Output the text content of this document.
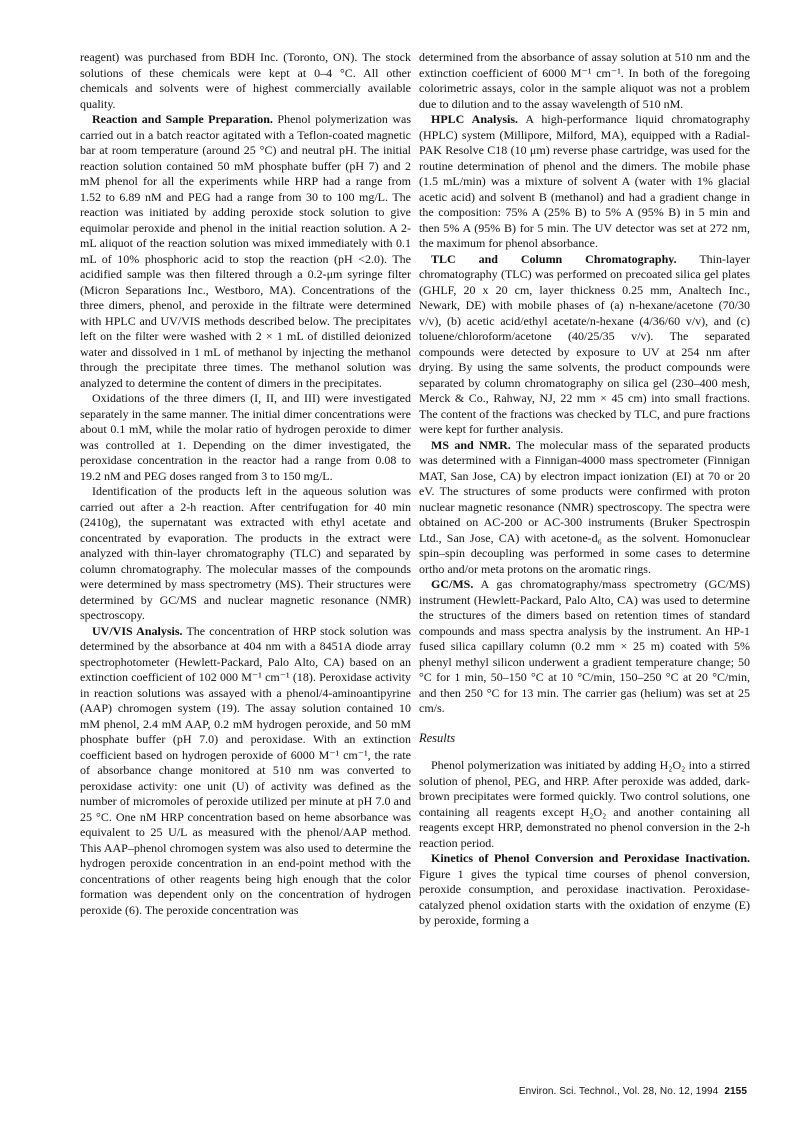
reagent) was purchased from BDH Inc. (Toronto, ON). The stock solutions of these chemicals were kept at 0–4 °C. All other chemicals and solvents were of highest commercially available quality.

Reaction and Sample Preparation. Phenol polymerization was carried out in a batch reactor agitated with a Teflon-coated magnetic bar at room temperature (around 25 °C) and neutral pH. The initial reaction solution contained 50 mM phosphate buffer (pH 7) and 2 mM phenol for all the experiments while HRP had a range from 1.52 to 6.89 nM and PEG had a range from 30 to 100 mg/L. The reaction was initiated by adding peroxide stock solution to give equimolar peroxide and phenol in the initial reaction solution. A 2-mL aliquot of the reaction solution was mixed immediately with 0.1 mL of 10% phosphoric acid to stop the reaction (pH <2.0). The acidified sample was then filtered through a 0.2-μm syringe filter (Micron Separations Inc., Westboro, MA). Concentrations of the three dimers, phenol, and peroxide in the filtrate were determined with HPLC and UV/VIS methods described below. The precipitates left on the filter were washed with 2 × 1 mL of distilled deionized water and dissolved in 1 mL of methanol by injecting the methanol through the precipitate three times. The methanol solution was analyzed to determine the content of dimers in the precipitates.

Oxidations of the three dimers (I, II, and III) were investigated separately in the same manner. The initial dimer concentrations were about 0.1 mM, while the molar ratio of hydrogen peroxide to dimer was controlled at 1. Depending on the dimer investigated, the peroxidase concentration in the reactor had a range from 0.08 to 19.2 nM and PEG doses ranged from 3 to 150 mg/L.

Identification of the products left in the aqueous solution was carried out after a 2-h reaction. After centrifugation for 40 min (2410g), the supernatant was extracted with ethyl acetate and concentrated by evaporation. The products in the extract were analyzed with thin-layer chromatography (TLC) and separated by column chromatography. The molecular masses of the compounds were determined by mass spectrometry (MS). Their structures were determined by GC/MS and nuclear magnetic resonance (NMR) spectroscopy.

UV/VIS Analysis. The concentration of HRP stock solution was determined by the absorbance at 404 nm with a 8451A diode array spectrophotometer (Hewlett-Packard, Palo Alto, CA) based on an extinction coefficient of 102 000 M⁻¹ cm⁻¹ (18). Peroxidase activity in reaction solutions was assayed with a phenol/4-aminoantipyrine (AAP) chromogen system (19). The assay solution contained 10 mM phenol, 2.4 mM AAP, 0.2 mM hydrogen peroxide, and 50 mM phosphate buffer (pH 7.0) and peroxidase. With an extinction coefficient based on hydrogen peroxide of 6000 M⁻¹ cm⁻¹, the rate of absorbance change monitored at 510 nm was converted to peroxidase activity: one unit (U) of activity was defined as the number of micromoles of peroxide utilized per minute at pH 7.0 and 25 °C. One nM HRP concentration based on heme absorbance was equivalent to 25 U/L as measured with the phenol/AAP method. This AAP–phenol chromogen system was also used to determine the hydrogen peroxide concentration in an end-point method with the concentrations of other reagents being high enough that the color formation was dependent only on the concentration of hydrogen peroxide (6). The peroxide concentration was

determined from the absorbance of assay solution at 510 nm and the extinction coefficient of 6000 M⁻¹ cm⁻¹. In both of the foregoing colorimetric assays, color in the sample aliquot was not a problem due to dilution and to the assay wavelength of 510 nM.

HPLC Analysis. A high-performance liquid chromatography (HPLC) system (Millipore, Milford, MA), equipped with a Radial-PAK Resolve C18 (10 μm) reverse phase cartridge, was used for the routine determination of phenol and the dimers. The mobile phase (1.5 mL/min) was a mixture of solvent A (water with 1% glacial acetic acid) and solvent B (methanol) and had a gradient change in the composition: 75% A (25% B) to 5% A (95% B) in 5 min and then 5% A (95% B) for 5 min. The UV detector was set at 272 nm, the maximum for phenol absorbance.

TLC and Column Chromatography. Thin-layer chromatography (TLC) was performed on precoated silica gel plates (GHLF, 20 x 20 cm, layer thickness 0.25 mm, Analtech Inc., Newark, DE) with mobile phases of (a) n-hexane/acetone (70/30 v/v), (b) acetic acid/ethyl acetate/n-hexane (4/36/60 v/v), and (c) toluene/chloroform/acetone (40/25/35 v/v). The separated compounds were detected by exposure to UV at 254 nm after drying. By using the same solvents, the product compounds were separated by column chromatography on silica gel (230–400 mesh, Merck & Co., Rahway, NJ, 22 mm × 45 cm) into small fractions. The content of the fractions was checked by TLC, and pure fractions were kept for further analysis.

MS and NMR. The molecular mass of the separated products was determined with a Finnigan-4000 mass spectrometer (Finnigan MAT, San Jose, CA) by electron impact ionization (EI) at 70 or 20 eV. The structures of some products were confirmed with proton nuclear magnetic resonance (NMR) spectroscopy. The spectra were obtained on AC-200 or AC-300 instruments (Bruker Spectrospin Ltd., San Jose, CA) with acetone-d₆ as the solvent. Homonuclear spin–spin decoupling was performed in some cases to determine ortho and/or meta protons on the aromatic rings.

GC/MS. A gas chromatography/mass spectrometry (GC/MS) instrument (Hewlett-Packard, Palo Alto, CA) was used to determine the structures of the dimers based on retention times of standard compounds and mass spectra analysis by the instrument. An HP-1 fused silica capillary column (0.2 mm × 25 m) coated with 5% phenyl methyl silicon underwent a gradient temperature change; 50 °C for 1 min, 50–150 °C at 10 °C/min, 150–250 °C at 20 °C/min, and then 250 °C for 13 min. The carrier gas (helium) was set at 25 cm/s.

Results

Phenol polymerization was initiated by adding H₂O₂ into a stirred solution of phenol, PEG, and HRP. After peroxide was added, dark-brown precipitates were formed quickly. Two control solutions, one containing all reagents except H₂O₂ and another containing all reagents except HRP, demonstrated no phenol conversion in the 2-h reaction period.

Kinetics of Phenol Conversion and Peroxidase Inactivation. Figure 1 gives the typical time courses of phenol conversion, peroxide consumption, and peroxidase inactivation. Peroxidase-catalyzed phenol oxidation starts with the oxidation of enzyme (E) by peroxide, forming a

Environ. Sci. Technol., Vol. 28, No. 12, 1994 2155
